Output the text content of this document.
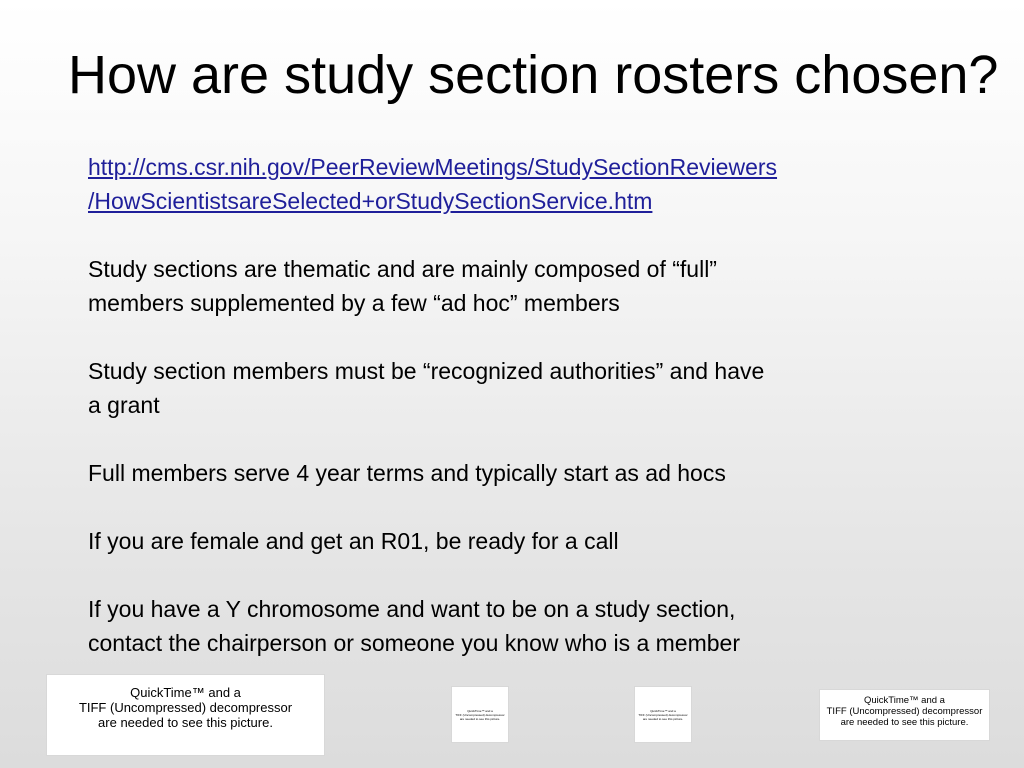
How are study section rosters chosen?
http://cms.csr.nih.gov/PeerReviewMeetings/StudySectionReviewers
/HowScientistsareSelected+orStudySectionService.htm

Study sections are thematic and are mainly composed of “full”
members supplemented by a few “ad hoc” members

Study section members must be “recognized authorities” and have
a grant

Full members serve 4 year terms and typically start as ad hocs

If you are female and get an R01, be ready for a call

If you have a Y chromosome and want to be on a study section,
contact the chairperson or someone you know who is a member

QuickTime™ and a
TIFF (Uncompressed) decompressor
are needed to see this picture.
QuickTime™ and a
TIFF (Uncompressed) decompressor
are needed to see this picture.
QuickTime™ and a
TIFF (Uncompressed) decompressor
are needed to see this picture.
QuickTime™ and a
TIFF (Uncompressed) decompressor
are needed to see this picture.
